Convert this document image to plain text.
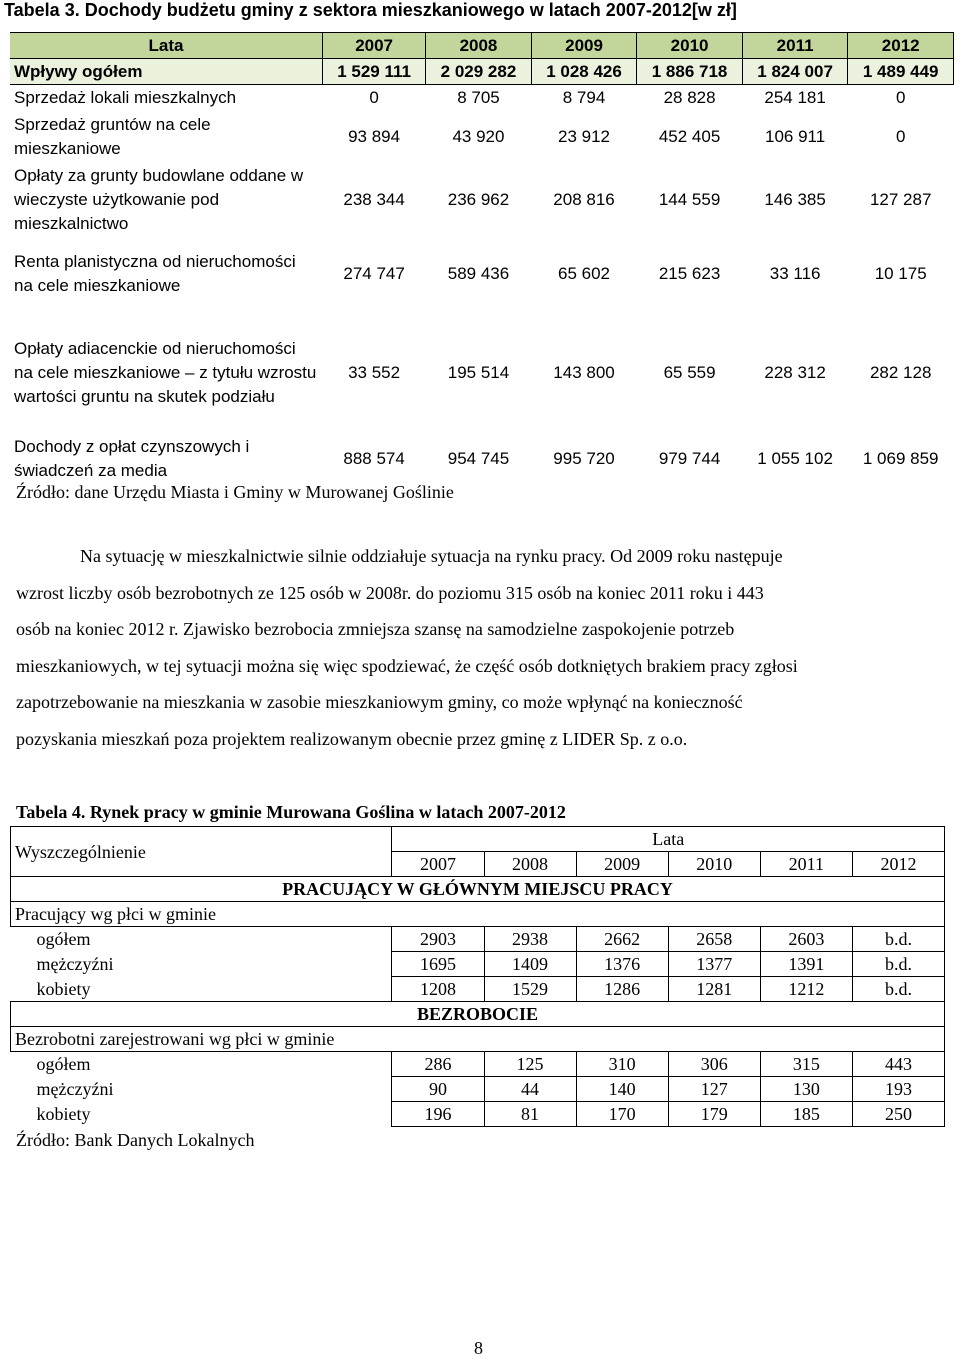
Tabela 3. Dochody budżetu gminy z sektora mieszkaniowego w latach 2007-2012[w zł]
Lata	2007	2008	2009	2010	2011	2012
Wpływy ogółem	1 529 111	2 029 282	1 028 426	1 886 718	1 824 007	1 489 449
Sprzedaż lokali mieszkalnych	0	8 705	8 794	28 828	254 181	0
Sprzedaż gruntów na cele mieszkaniowe	93 894	43 920	23 912	452 405	106 911	0
Opłaty za grunty budowlane oddane w wieczyste użytkowanie pod mieszkalnictwo	238 344	236 962	208 816	144 559	146 385	127 287
Renta planistyczna od nieruchomości na cele mieszkaniowe	274 747	589 436	65 602	215 623	33 116	10 175
Opłaty adiacenckie od nieruchomości na cele mieszkaniowe – z tytułu wzrostu wartości gruntu na skutek podziału	33 552	195 514	143 800	65 559	228 312	282 128
Dochody z opłat czynszowych i świadczeń za media	888 574	954 745	995 720	979 744	1 055 102	1 069 859
Źródło: dane Urzędu Miasta i Gminy w Murowanej Goślinie
Na sytuację w mieszkalnictwie silnie oddziałuje sytuacja na rynku pracy. Od 2009 roku następuje
wzrost liczby osób bezrobotnych ze 125 osób w 2008r. do poziomu 315 osób na koniec 2011 roku i 443
osób na koniec 2012 r. Zjawisko bezrobocia zmniejsza szansę na samodzielne zaspokojenie potrzeb
mieszkaniowych, w tej sytuacji można się więc spodziewać, że część osób dotkniętych brakiem pracy zgłosi
zapotrzebowanie na mieszkania w zasobie mieszkaniowym gminy, co może wpłynąć na konieczność
pozyskania mieszkań poza projektem realizowanym obecnie przez gminę z LIDER Sp. z o.o.
Tabela 4. Rynek pracy w gminie Murowana Goślina w latach 2007-2012
Wyszczególnienie	Lata					
	2007	2008	2009	2010	2011	2012
PRACUJĄCY W GŁÓWNYM MIEJSCU PRACY						
Pracujący wg płci w gminie						
ogółem	2903	2938	2662	2658	2603	b.d.
mężczyźni	1695	1409	1376	1377	1391	b.d.
kobiety	1208	1529	1286	1281	1212	b.d.
BEZROBOCIE						
Bezrobotni zarejestrowani wg płci w gminie						
ogółem	286	125	310	306	315	443
mężczyźni	90	44	140	127	130	193
kobiety	196	81	170	179	185	250
Źródło: Bank Danych Lokalnych
8
